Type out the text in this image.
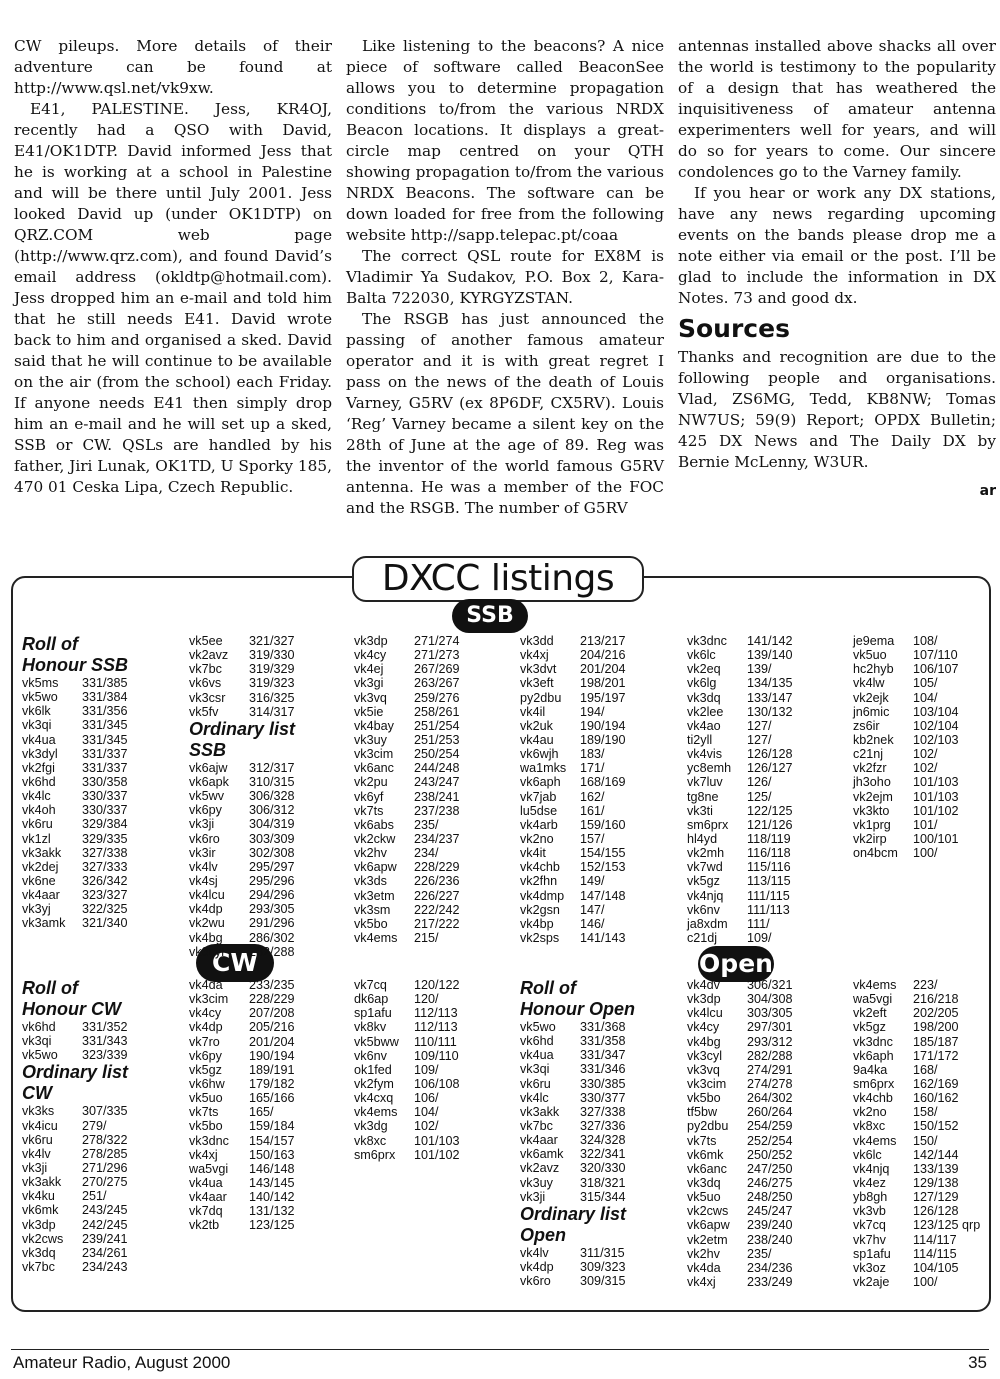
CW pileups. More details of their adventure can be found at http://www.qsl.net/vk9xw.

E41, PALESTINE. Jess, KR4OJ, recently had a QSO with David, E41/OK1DTP. David informed Jess that he is working at a school in Palestine and will be there until July 2001. Jess looked David up (under OK1DTP) on QRZ.COM web page (http://www.qrz.com), and found David’s email address (okldtp@hotmail.com). Jess dropped him an e-mail and told him that he still needs E41. David wrote back to him and organised a sked. David said that he will continue to be available on the air (from the school) each Friday. If anyone needs E41 then simply drop him an e-mail and he will set up a sked, SSB or CW. QSLs are handled by his father, Jiri Lunak, OK1TD, U Sporky 185, 470 01 Ceska Lipa, Czech Republic.

Like listening to the beacons? A nice piece of software called BeaconSee allows you to determine propagation conditions to/from the various NRDX Beacon locations. It displays a great-circle map centred on your QTH showing propagation to/from the various NRDX Beacons. The software can be down loaded for free from the following website http://sapp.telepac.pt/coaa

The correct QSL route for EX8M is Vladimir Ya Sudakov, P.O. Box 2, Kara-Balta 722030, KYRGYZSTAN.

The RSGB has just announced the passing of another famous amateur operator and it is with great regret I pass on the news of the death of Louis Varney, G5RV (ex 8P6DF, CX5RV). Louis ‘Reg’ Varney became a silent key on the 28th of June at the age of 89. Reg was the inventor of the world famous G5RV antenna. He was a member of the FOC and the RSGB. The number of G5RV

antennas installed above shacks all over the world is testimony to the popularity of a design that has weathered the inquisitiveness of amateur antenna experimenters well for years, and will do so for years to come. Our sincere condolences go to the Varney family.

If you hear or work any DX stations, have any news regarding upcoming events on the bands please drop me a note either via email or the post. I’ll be glad to include the information in DX Notes. 73 and good dx.

Sources

Thanks and recognition are due to the following people and organisations. Vlad, ZS6MG, Tedd, KB8NW; Tomas NW7US; 59(9) Report; OPDX Bulletin; 425 DX News and The Daily DX by Bernie McLenny, W3UR.

ar
DXCC listings
SSB
CW	Open
Roll of
Honour SSB
vk5ms 331/385
vk5wo 331/384
vk6lk 331/356
vk3qi 331/345
vk4ua 331/345
vk3dyl 331/337
vk2fgi 331/337
vk6hd 330/358
vk4lc 330/337
vk4oh 330/337
vk6ru 329/384
vk1zl 329/335
vk3akk 327/338
vk2dej 327/333
vk6ne 326/342
vk4aar 323/327
vk3yj 322/325
vk3amk 321/340
vk5ee 321/327
vk2avz 319/330
vk7bc 319/329
vk6vs 319/323
vk3csr 316/325
vk5fv 314/317
Ordinary list
SSB
vk6ajw 312/317
vk6apk 310/315
vk5wv 306/328
vk6py 306/312
vk3ji	304/319
vk6ro 303/309
vk3ir	302/308
vk4lv 295/297
vk4sj 295/296
vk4lcu 294/296
vk4dp 293/305
vk2wu 291/296
vk4bg 286/302
vk3cyl 282/288
vk3dp 271/274
vk4cy 271/273
vk4ej 267/269
vk3gi 263/267
vk3vq 259/276
vk5ie 258/261
vk4bay 251/254
vk3uy 251/253
vk3cim 250/254
vk6anc 244/248
vk2pu 243/247
vk6yf 238/241
vk7ts 237/238
vk6abs 235/
vk2ckw 234/237
vk2hv 234/
vk6apw 228/229
vk3ds 226/236
vk3etm 226/227
vk3sm 222/242
vk5bo 217/222
vk4ems 215/
vk3dd 213/217
vk4xj 204/216
vk3dvt 201/204
vk3eft 198/201
py2dbu 195/197
vk4il	194/
vk2uk 190/194
vk4au 189/190
vk6wjh 183/
wa1mks 171/
vk6aph 168/169
vk7jab 162/
lu5dse 161/
vk4arb 159/160
vk2no 157/
vk4it	154/155
vk4chb 152/153
vk2fhn 149/
vk4dmp 147/148
vk2gsn 147/
vk4bp 146/
vk2sps 141/143
vk3dnc 141/142
vk6lc 139/140
vk2eq 139/
vk6lg 134/135
vk3dq 133/147
vk2lee 130/132
vk4ao 127/
ti2yll	127/
vk4vis 126/128
yc8emh 126/127
vk7luv 126/
tg8ne 125/
vk3ti	122/125
sm6prx 121/126
hl4yd 118/119
vk2mh 116/118
vk7wd 115/116
vk5gz 113/115
vk4njq 111/115
vk6nv 111/113
ja8xdm 111/
c21dj 109/
je9ema 108/
vk5uo 107/110
hc2hyb 106/107
vk4lw 105/
vk2ejk 104/
jn6mic 103/104
zs6ir	102/104
kb2nek 102/103
c21nj 102/
vk2fzr 102/
jh3oho 101/103
vk2ejm 101/103
vk3kto 101/102
vk1prg 101/
vk2irp 100/101
on4bcm 100/
Roll of
Honour CW
vk6hd 331/352
vk3qi 331/343
vk5wo 323/339
Ordinary list
CW
vk3ks 307/335
vk4icu 279/
vk6ru 278/322
vk4lv 278/285
vk3ji	271/296
vk3akk 270/275
vk4ku 251/
vk6mk 243/245
vk3dp 242/245
vk2cws 239/241
vk3dq 234/261
vk7bc 234/243
vk4da 233/235
vk3cim 228/229
vk4cy 207/208
vk4dp 205/216
vk7ro 201/204
vk6py 190/194
vk5gz 189/191
vk6hw 179/182
vk5uo 165/166
vk7ts 165/
vk5bo 159/184
vk3dnc 154/157
vk4xj 150/163
wa5vgi 146/148
vk4ua 143/145
vk4aar 140/142
vk7dq 131/132
vk2tb 123/125
vk7cq 120/122
dk6ap 120/
sp1afu 112/113
vk8kv 112/113
vk5bww 110/111
vk6nv 109/110
ok1fed 109/
vk2fym 106/108
vk4cxq 106/
vk4ems 104/
vk3dg 102/
vk8xc 101/103
sm6prx 101/102
Roll of
Honour Open
vk5wo 331/368
vk6hd 331/358
vk4ua 331/347
vk3qi 331/346
vk6ru 330/385
vk4lc 330/377
vk3akk 327/338
vk7bc 327/336
vk4aar 324/328
vk6amk 322/341
vk2avz 320/330
vk3uy 318/321
vk3ji	315/344
Ordinary list
Open
vk4lv 311/315
vk4dp 309/323
vk6ro 309/315
vk4dv 306/321
vk3dp 304/308
vk4lcu 303/305
vk4cy 297/301
vk4bg 293/312
vk3cyl 282/288
vk3vq 274/291
vk3cim 274/278
vk5bo 264/302
tf5bw 260/264
py2dbu 254/259
vk7ts 252/254
vk6mk 250/252
vk6anc 247/250
vk3dq 246/275
vk5uo 248/250
vk2cws 245/247
vk6apw 239/240
vk2etm 238/240
vk2hv 235/
vk4da 234/236
vk4xj 233/249
vk4ems 223/
wa5vgi 216/218
vk2eft 202/205
vk5gz 198/200
vk3dnc 185/187
vk6aph 171/172
9a4ka 168/
sm6prx 162/169
vk4chb 160/162
vk2no 158/
vk8xc 150/152
vk4ems 150/
vk6lc 142/144
vk4njq 133/139
vk4ez 129/138
yb8gh 127/129
vk3vb 126/128
vk7cq 123/125 qrp
vk7hv 114/117
sp1afu 114/115
vk3oz 104/105
vk2aje 100/
Amateur Radio, August 2000	35
